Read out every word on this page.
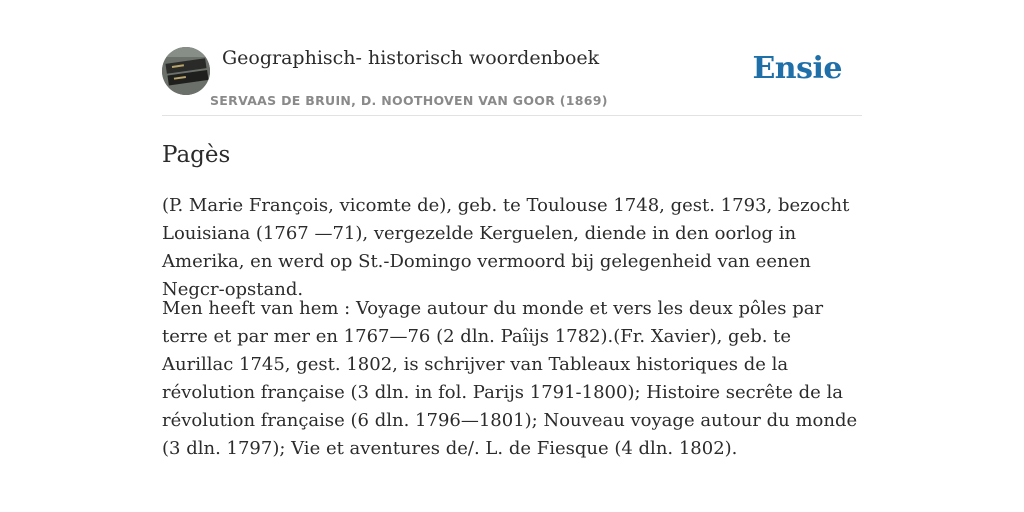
Geographisch- historisch woordenboek
SERVAAS DE BRUIN, D. NOOTHOVEN VAN GOOR (1869)
Ensie
Pagès

(P. Marie François, vicomte de), geb. te Toulouse 1748, gest. 1793, bezocht Louisiana (1767 —71), vergezelde Kerguelen, diende in den oorlog in Amerika, en werd op St.-Domingo vermoord bij gelegenheid van eenen Negcr-opstand.

Men heeft van hem : Voyage autour du monde et vers les deux pôles par terre et par mer en 1767—76 (2 dln. Paîijs 1782).(Fr. Xavier), geb. te Aurillac 1745, gest. 1802, is schrijver van Tableaux historiques de la révolution française (3 dln. in fol. Parijs 1791-1800); Histoire secrête de la révolution française (6 dln. 1796—1801); Nouveau voyage autour du monde (3 dln. 1797); Vie et aventures de/. L. de Fiesque (4 dln. 1802).
